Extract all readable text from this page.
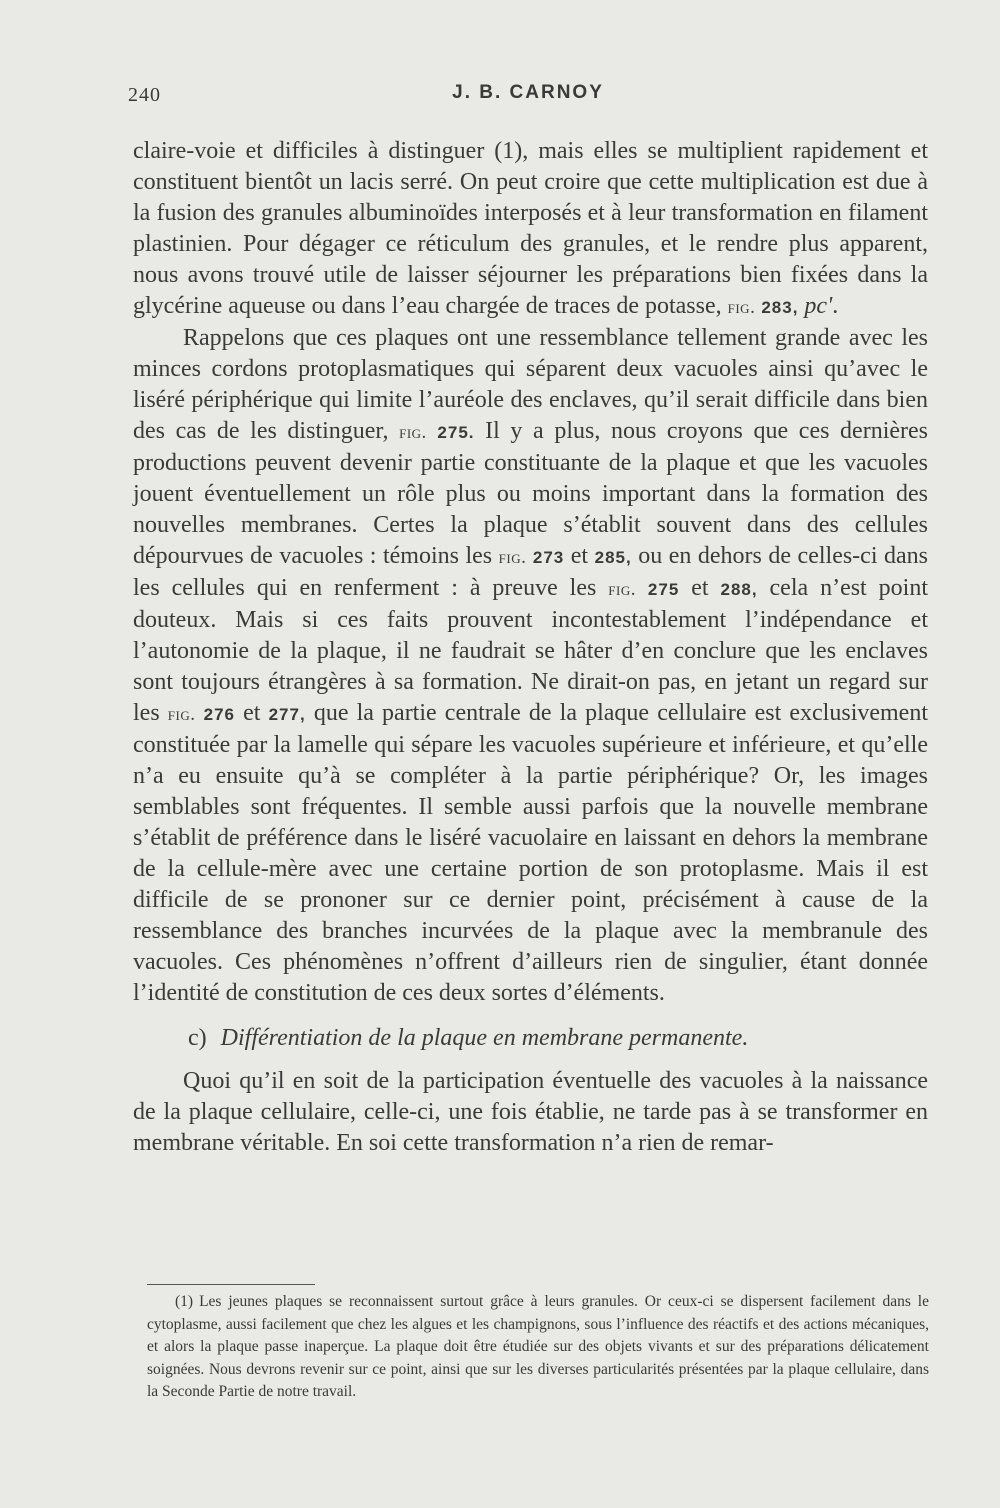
240	J. B. CARNOY

claire-voie et difficiles à distinguer (1), mais elles se multiplient rapidement et constituent bientôt un lacis serré. On peut croire que cette multiplication est due à la fusion des granules albuminoïdes interposés et à leur transformation en filament plastinien. Pour dégager ce réticulum des granules, et le rendre plus apparent, nous avons trouvé utile de laisser séjourner les préparations bien fixées dans la glycérine aqueuse ou dans l’eau chargée de traces de potasse, fig. 283, pc'.

Rappelons que ces plaques ont une ressemblance tellement grande avec les minces cordons protoplasmatiques qui séparent deux vacuoles ainsi qu’avec le liséré périphérique qui limite l’auréole des enclaves, qu’il serait difficile dans bien des cas de les distinguer, fig. 275. Il y a plus, nous croyons que ces dernières productions peuvent devenir partie constituante de la plaque et que les vacuoles jouent éventuellement un rôle plus ou moins important dans la formation des nouvelles membranes. Certes la plaque s’établit souvent dans des cellules dépourvues de vacuoles : témoins les fig. 273 et 285, ou en dehors de celles-ci dans les cellules qui en renferment : à preuve les fig. 275 et 288, cela n’est point douteux. Mais si ces faits prouvent incontestablement l’indépendance et l’autonomie de la plaque, il ne faudrait se hâter d’en conclure que les enclaves sont toujours étrangères à sa formation. Ne dirait-on pas, en jetant un regard sur les fig. 276 et 277, que la partie centrale de la plaque cellulaire est exclusivement constituée par la lamelle qui sépare les vacuoles supérieure et inférieure, et qu’elle n’a eu ensuite qu’à se compléter à la partie périphérique? Or, les images semblables sont fréquentes. Il semble aussi parfois que la nouvelle membrane s’établit de préférence dans le liséré vacuolaire en laissant en dehors la membrane de la cellule-mère avec une certaine portion de son protoplasme. Mais il est difficile de se prononer sur ce dernier point, précisément à cause de la ressemblance des branches incurvées de la plaque avec la membranule des vacuoles. Ces phénomènes n’offrent d’ailleurs rien de singulier, étant donnée l’identité de constitution de ces deux sortes d’éléments.

c) Différentiation de la plaque en membrane permanente.

Quoi qu’il en soit de la participation éventuelle des vacuoles à la naissance de la plaque cellulaire, celle-ci, une fois établie, ne tarde pas à se transformer en membrane véritable. En soi cette transformation n’a rien de remar-

(1) Les jeunes plaques se reconnaissent surtout grâce à leurs granules. Or ceux-ci se dispersent facilement dans le cytoplasme, aussi facilement que chez les algues et les champignons, sous l’influence des réactifs et des actions mécaniques, et alors la plaque passe inaperçue. La plaque doit être étudiée sur des objets vivants et sur des préparations délicatement soignées. Nous devrons revenir sur ce point, ainsi que sur les diverses particularités présentées par la plaque cellulaire, dans la Seconde Partie de notre travail.
